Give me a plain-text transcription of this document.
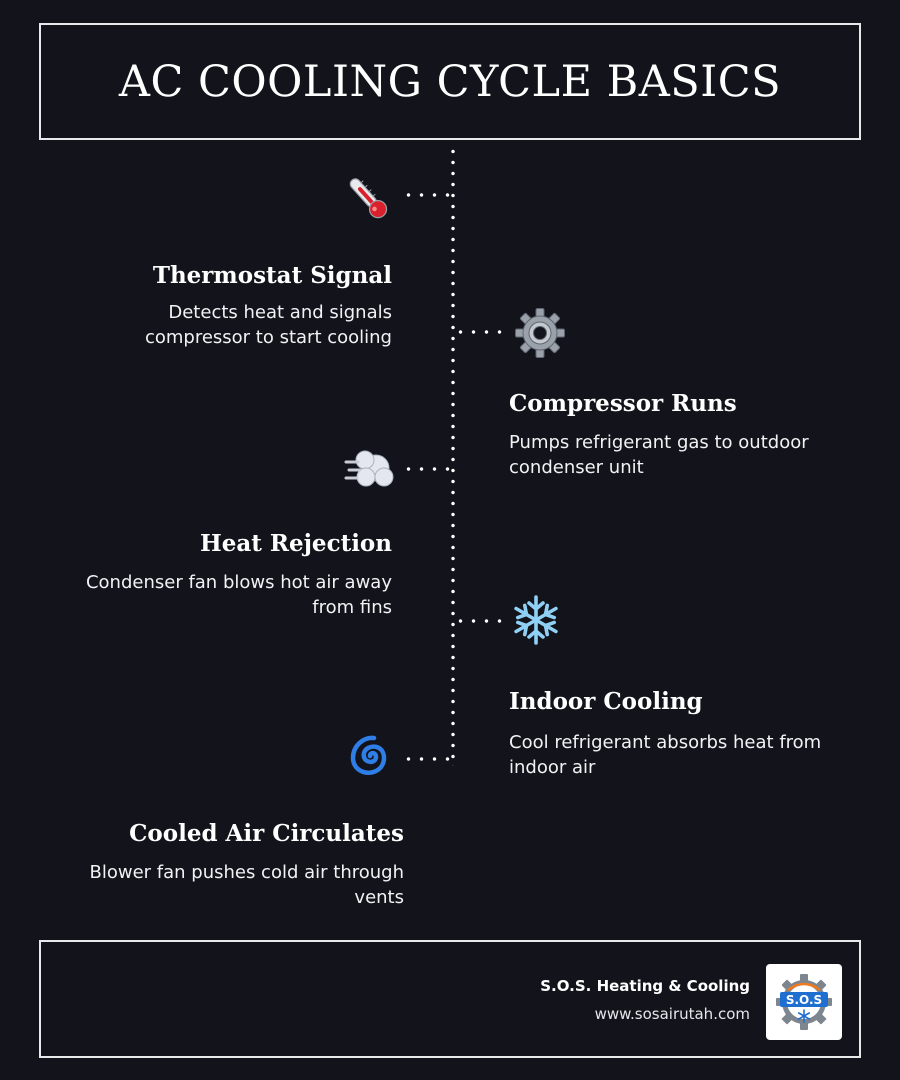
AC COOLING CYCLE BASICS
Thermostat Signal

Detects heat and signals compressor to start cooling

Compressor Runs

Pumps refrigerant gas to outdoor condenser unit

Heat Rejection

Condenser fan blows hot air away from fins

Indoor Cooling

Cool refrigerant absorbs heat from indoor air

Cooled Air Circulates

Blower fan pushes cold air through vents

S.O.S. Heating & Cooling
www.sosairutah.com
S.O.S
